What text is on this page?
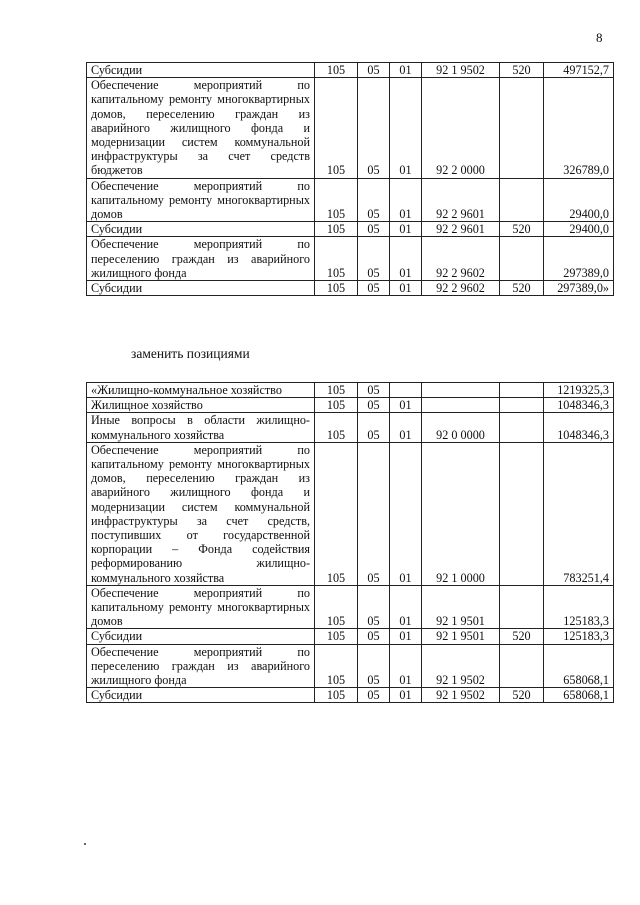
8
Субсидии	105	05	01	92 1 9502	520	497152,7
Обеспечение мероприятий по капитальному ремонту многоквартирных домов, переселению граждан из аварийного жилищного фонда и модернизации систем коммунальной инфраструктуры за счет средств бюджетов	105	05	01	92 2 0000		326789,0
Обеспечение мероприятий по капитальному ремонту многоквартирных домов	105	05	01	92 2 9601		29400,0
Субсидии	105	05	01	92 2 9601	520	29400,0
Обеспечение мероприятий по переселению граждан из аварийного жилищного фонда	105	05	01	92 2 9602		297389,0
Субсидии	105	05	01	92 2 9602	520	297389,0»
заменить позициями
«Жилищно-коммунальное хозяйство	105	05				1219325,3
Жилищное хозяйство	105	05	01			1048346,3
Иные вопросы в области жилищно-коммунального хозяйства	105	05	01	92 0 0000		1048346,3
Обеспечение мероприятий по капитальному ремонту многоквартирных домов, переселению граждан из аварийного жилищного фонда и модернизации систем коммунальной инфраструктуры за счет средств, поступивших от государственной корпорации – Фонда содействия реформированию жилищно-коммунального хозяйства	105	05	01	92 1 0000		783251,4
Обеспечение мероприятий по капитальному ремонту многоквартирных домов	105	05	01	92 1 9501		125183,3
Субсидии	105	05	01	92 1 9501	520	125183,3
Обеспечение мероприятий по переселению граждан из аварийного жилищного фонда	105	05	01	92 1 9502		658068,1
Субсидии	105	05	01	92 1 9502	520	658068,1
